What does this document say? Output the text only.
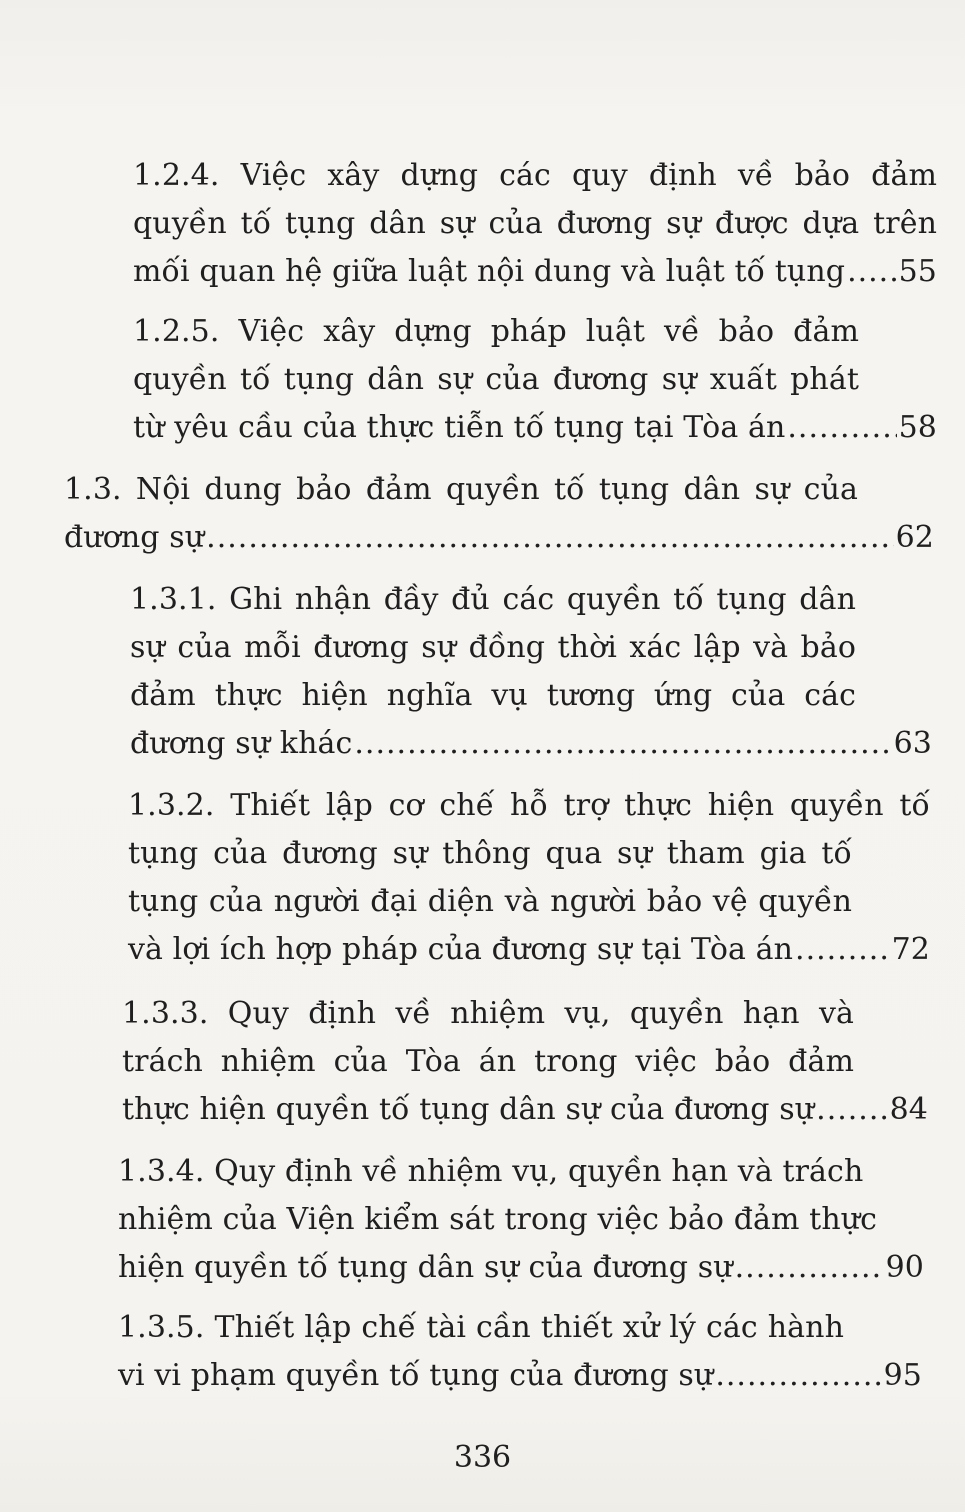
1.2.4. Việc xây dựng các quy định về bảo đảm
quyền tố tụng dân sự của đương sự được dựa trên
mối quan hệ giữa luật nội dung và luật tố tụng ..... 55
1.2.5. Việc xây dựng pháp luật về bảo đảm
quyền tố tụng dân sự của đương sự xuất phát
từ yêu cầu của thực tiễn tố tụng tại Tòa án .....	58
1.3. Nội dung bảo đảm quyền tố tụng dân sự của
đương sự .....	62
1.3.1. Ghi nhận đầy đủ các quyền tố tụng dân
sự của mỗi đương sự đồng thời xác lập và bảo
đảm thực hiện nghĩa vụ tương ứng của các
đương sự khác .....	63
1.3.2. Thiết lập cơ chế hỗ trợ thực hiện quyền tố
tụng của đương sự thông qua sự tham gia tố
tụng của người đại diện và người bảo vệ quyền
và lợi ích hợp pháp của đương sự tại Tòa án .....	72
1.3.3. Quy định về nhiệm vụ, quyền hạn và
trách nhiệm của Tòa án trong việc bảo đảm
thực hiện quyền tố tụng dân sự của đương sự .....	84
1.3.4. Quy định về nhiệm vụ, quyền hạn và trách
nhiệm của Viện kiểm sát trong việc bảo đảm thực
hiện quyền tố tụng dân sự của đương sự .....	90
1.3.5. Thiết lập chế tài cần thiết xử lý các hành
vi vi phạm quyền tố tụng của đương sự .....	95
336
